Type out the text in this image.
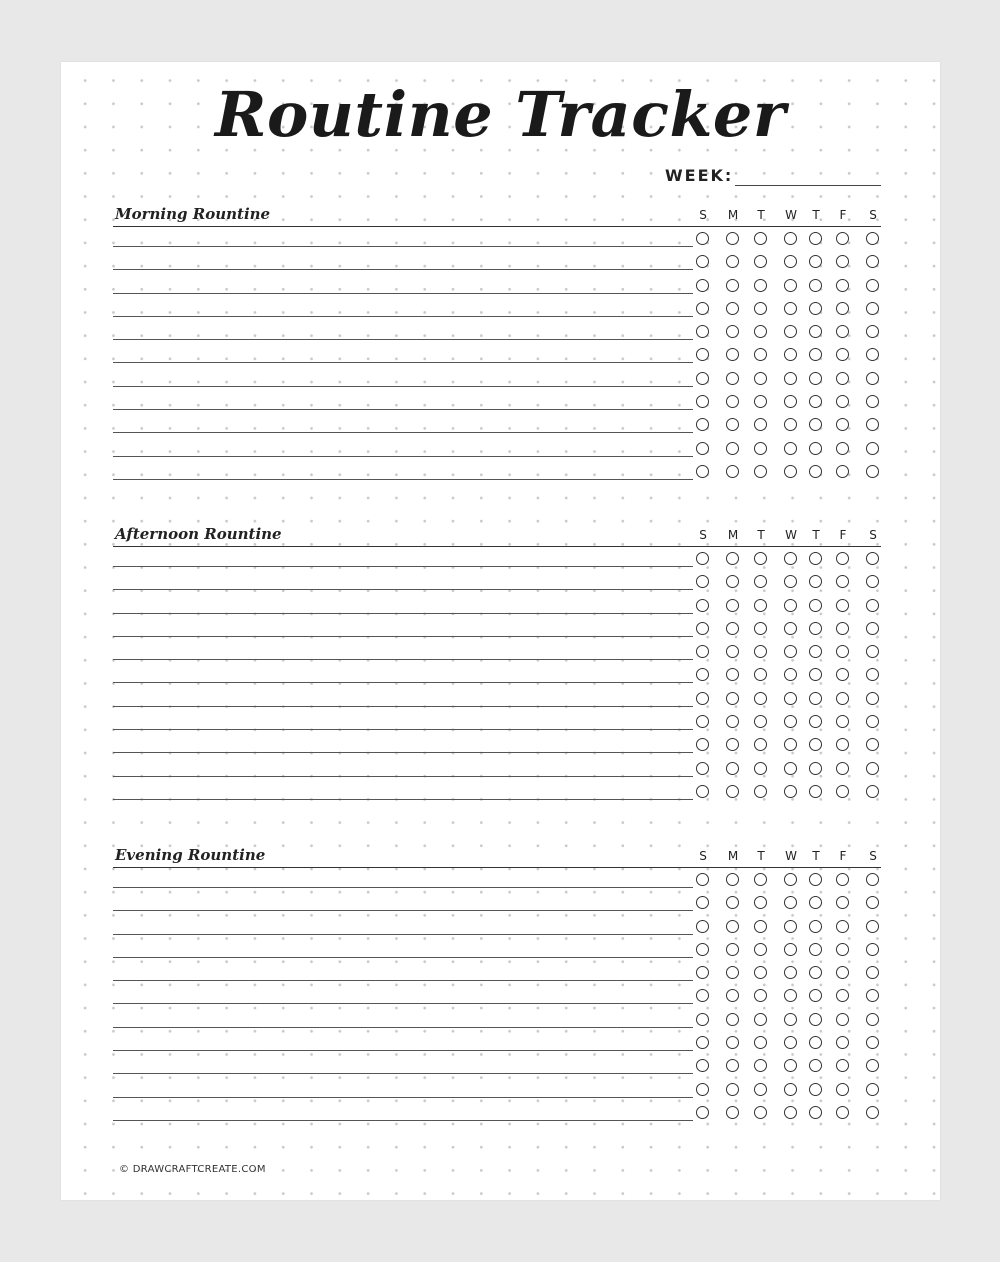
Routine Tracker
WEEK:
Morning Rountine	S	M	T	W	T	F	S
Afternoon Rountine	S	M	T	W	T	F	S
Evening Rountine	S	M	T	W	T	F	S
© DRAWCRAFTCREATE.COM
